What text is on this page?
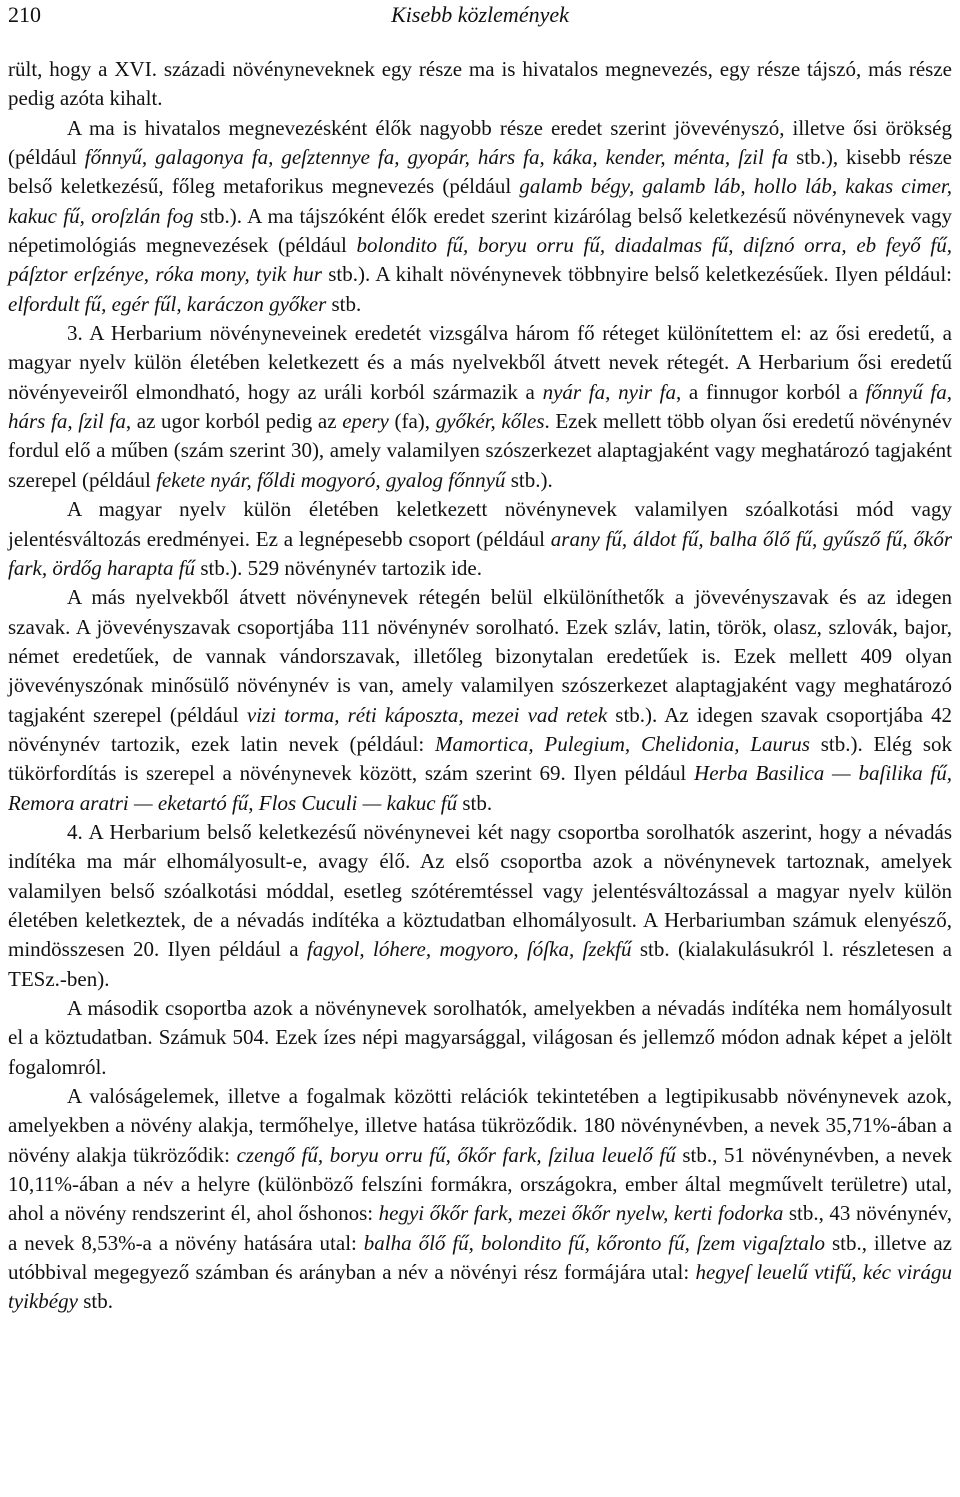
210	Kisebb közlemények

rült, hogy a XVI. századi növényneveknek egy része ma is hivatalos megnevezés, egy része tájszó, más része pedig azóta kihalt.

A ma is hivatalos megnevezésként élők nagyobb része eredet szerint jövevényszó, illetve ősi örökség (például főnnyű, galagonya fa, geſztennye fa, gyopár, hárs fa, káka, kender, ménta, ſzil fa stb.), kisebb része belső keletkezésű, főleg metaforikus megnevezés (például galamb bégy, galamb láb, hollo láb, kakas cimer, kakuc fű, oroſzlán fog stb.). A ma tájszóként élők eredet szerint kizárólag belső keletkezésű növénynevek vagy népetimológiás megnevezések (például bolondito fű, boryu orru fű, diadalmas fű, diſznó orra, eb feyő fű, páſztor erſzénye, róka mony, tyik hur stb.). A kihalt növénynevek többnyire belső keletkezésűek. Ilyen például: elfordult fű, egér fűl, karáczon győker stb.

3. A Herbarium növényneveinek eredetét vizsgálva három fő réteget különítettem el: az ősi eredetű, a magyar nyelv külön életében keletkezett és a más nyelvekből átvett nevek rétegét. A Herbarium ősi eredetű növényeveiről elmondható, hogy az uráli korból származik a nyár fa, nyir fa, a finnugor korból a főnnyű fa, hárs fa, ſzil fa, az ugor korból pedig az epery (fa), győkér, kőles. Ezek mellett több olyan ősi eredetű növénynév fordul elő a műben (szám szerint 30), amely valamilyen szószerkezet alaptagjaként vagy meghatározó tagjaként szerepel (például fekete nyár, főldi mogyoró, gyalog főnnyű stb.).

A magyar nyelv külön életében keletkezett növénynevek valamilyen szóalkotási mód vagy jelentésváltozás eredményei. Ez a legnépesebb csoport (például arany fű, áldot fű, balha őlő fű, gyűsző fű, őkőr fark, ördőg harapta fű stb.). 529 növénynév tartozik ide.

A más nyelvekből átvett növénynevek rétegén belül elkülöníthetők a jövevényszavak és az idegen szavak. A jövevényszavak csoportjába 111 növénynév sorolható. Ezek szláv, latin, török, olasz, szlovák, bajor, német eredetűek, de vannak vándorszavak, illetőleg bizonytalan eredetűek is. Ezek mellett 409 olyan jövevényszónak minősülő növénynév is van, amely valamilyen szószerkezet alaptagjaként vagy meghatározó tagjaként szerepel (például vizi torma, réti káposzta, mezei vad retek stb.). Az idegen szavak csoportjába 42 növénynév tartozik, ezek latin nevek (például: Mamortica, Pulegium, Chelidonia, Laurus stb.). Elég sok tükörfordítás is szerepel a növénynevek között, szám szerint 69. Ilyen például Herba Basilica — baſilika fű, Remora aratri — eketartó fű, Flos Cuculi — kakuc fű stb.

4. A Herbarium belső keletkezésű növénynevei két nagy csoportba sorolhatók aszerint, hogy a névadás indítéka ma már elhomályosult-e, avagy élő. Az első csoportba azok a növénynevek tartoznak, amelyek valamilyen belső szóalkotási móddal, esetleg szótéremtéssel vagy jelentésváltozással a magyar nyelv külön életében keletkeztek, de a névadás indítéka a köztudatban elhomályosult. A Herbariumban számuk elenyésző, mindösszesen 20. Ilyen például a fagyol, lóhere, mogyoro, ſóſka, ſzekfű stb. (kialakulásukról l. részletesen a TESz.-ben).

A második csoportba azok a növénynevek sorolhatók, amelyekben a névadás indítéka nem homályosult el a köztudatban. Számuk 504. Ezek ízes népi magyarsággal, világosan és jellemző módon adnak képet a jelölt fogalomról.

A valóságelemek, illetve a fogalmak közötti relációk tekintetében a legtipikusabb növénynevek azok, amelyekben a növény alakja, termőhelye, illetve hatása tükröződik. 180 növénynévben, a nevek 35,71%-ában a növény alakja tükröződik: czengő fű, boryu orru fű, őkőr fark, ſzilua leuelő fű stb., 51 növénynévben, a nevek 10,11%-ában a név a helyre (különböző felszíni formákra, országokra, ember által megművelt területre) utal, ahol a növény rendszerint él, ahol őshonos: hegyi őkőr fark, mezei őkőr nyelw, kerti fodorka stb., 43 növénynév, a nevek 8,53%-a a növény hatására utal: balha őlő fű, bolondito fű, kőronto fű, ſzem vigaſztalo stb., illetve az utóbbival megegyező számban és arányban a név a növényi rész formájára utal: hegyeſ leuelű vtifű, kéc virágu tyikbégy stb.
